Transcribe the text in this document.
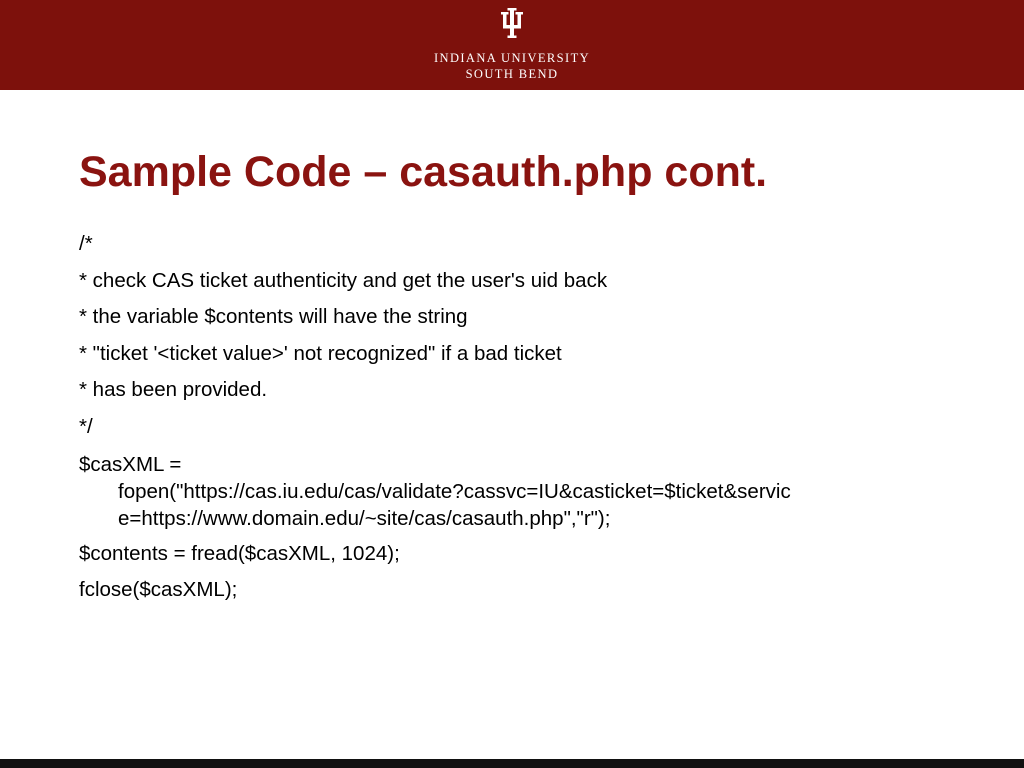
INDIANA UNIVERSITY
SOUTH BEND
Sample Code – casauth.php cont.
/*
* check CAS ticket authenticity and get the user's uid back
* the variable $contents will have the string
* "ticket '<ticket value>' not recognized" if a bad ticket
* has been provided.
*/
$casXML =
fopen("https://cas.iu.edu/cas/validate?cassvc=IU&casticket=$ticket&servic
e=https://www.domain.edu/~site/cas/casauth.php","r");
$contents = fread($casXML, 1024);
fclose($casXML);
